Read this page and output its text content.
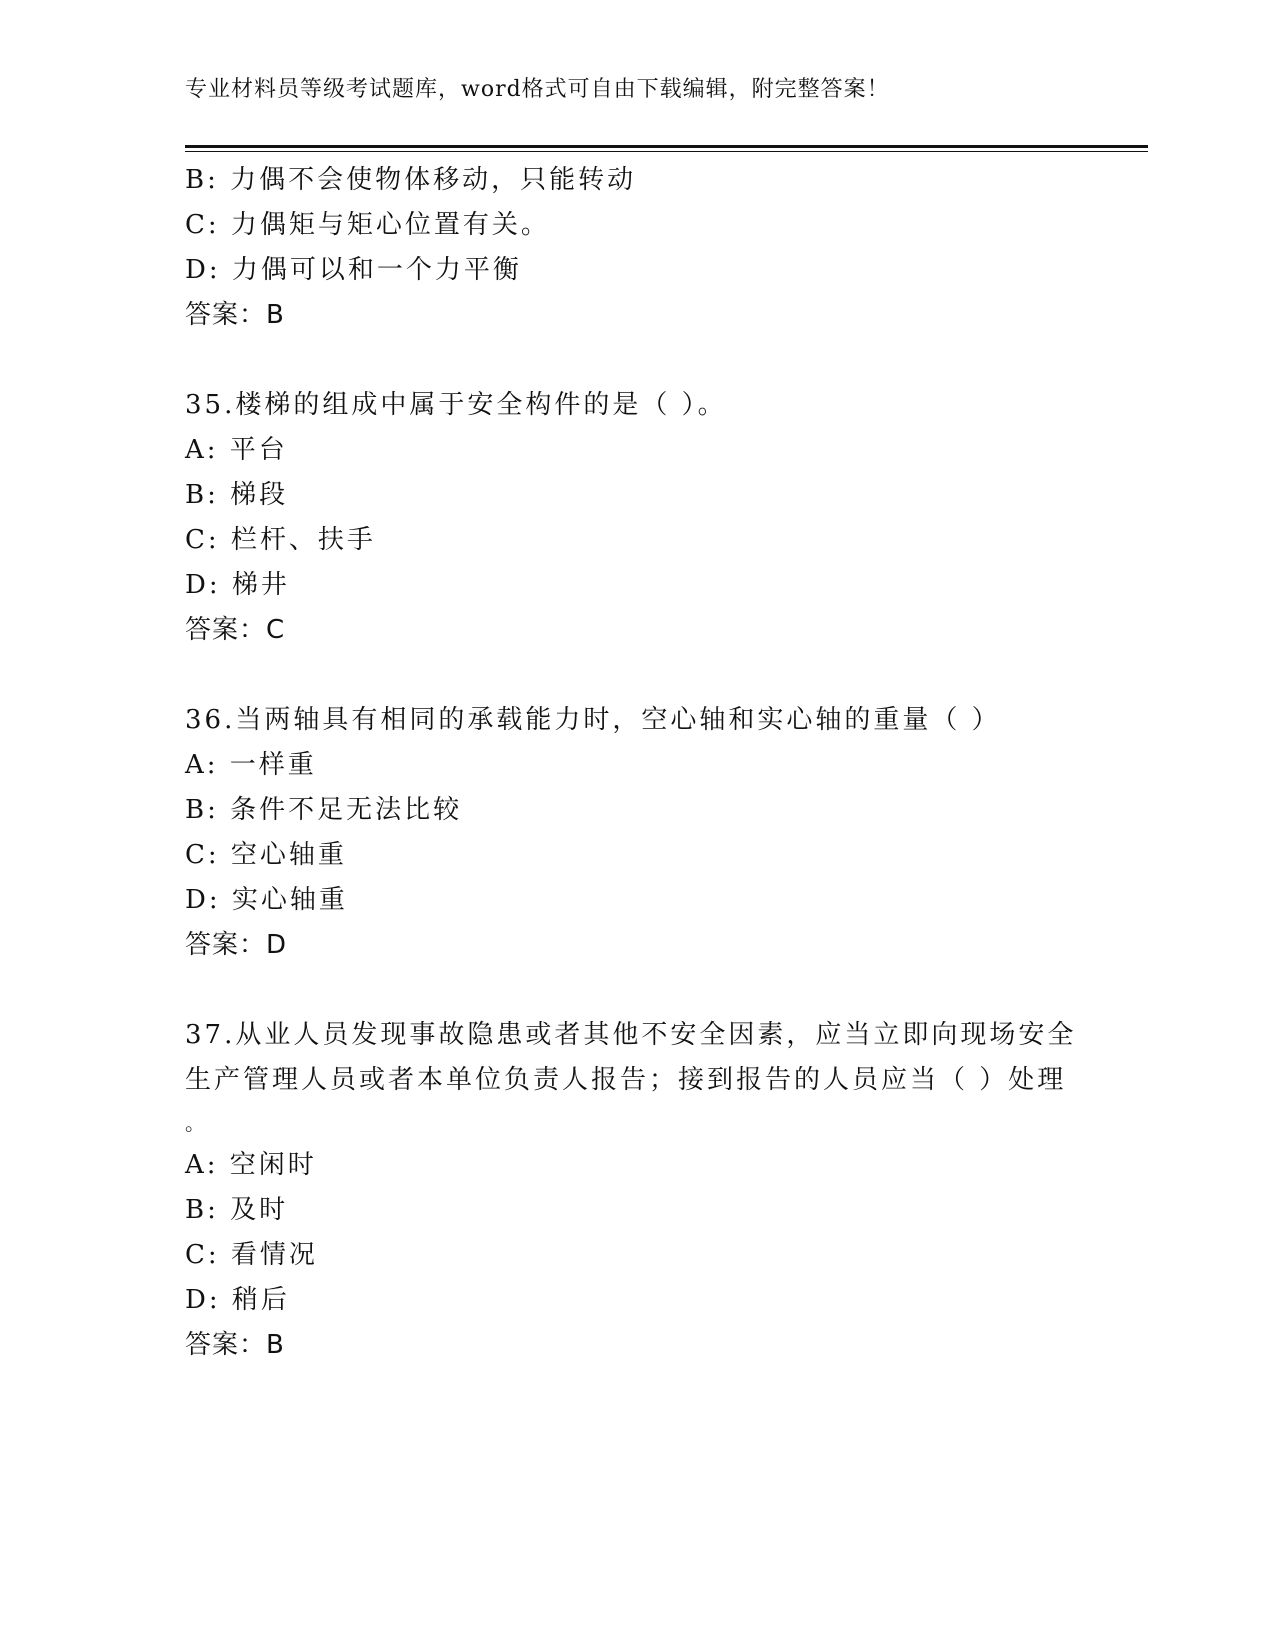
专业材料员等级考试题库，word格式可自由下载编辑，附完整答案！
B: 力偶不会使物体移动，只能转动
C: 力偶矩与矩心位置有关。
D: 力偶可以和一个力平衡
答案：B
35.楼梯的组成中属于安全构件的是（ ）。
A: 平台
B: 梯段
C: 栏杆、扶手
D: 梯井
答案：C
36.当两轴具有相同的承载能力时，空心轴和实心轴的重量（ ）
A: 一样重
B: 条件不足无法比较
C: 空心轴重
D: 实心轴重
答案：D
37.从业人员发现事故隐患或者其他不安全因素，应当立即向现场安全
生产管理人员或者本单位负责人报告；接到报告的人员应当（ ）处理
。
A: 空闲时
B: 及时
C: 看情况
D: 稍后
答案：B
